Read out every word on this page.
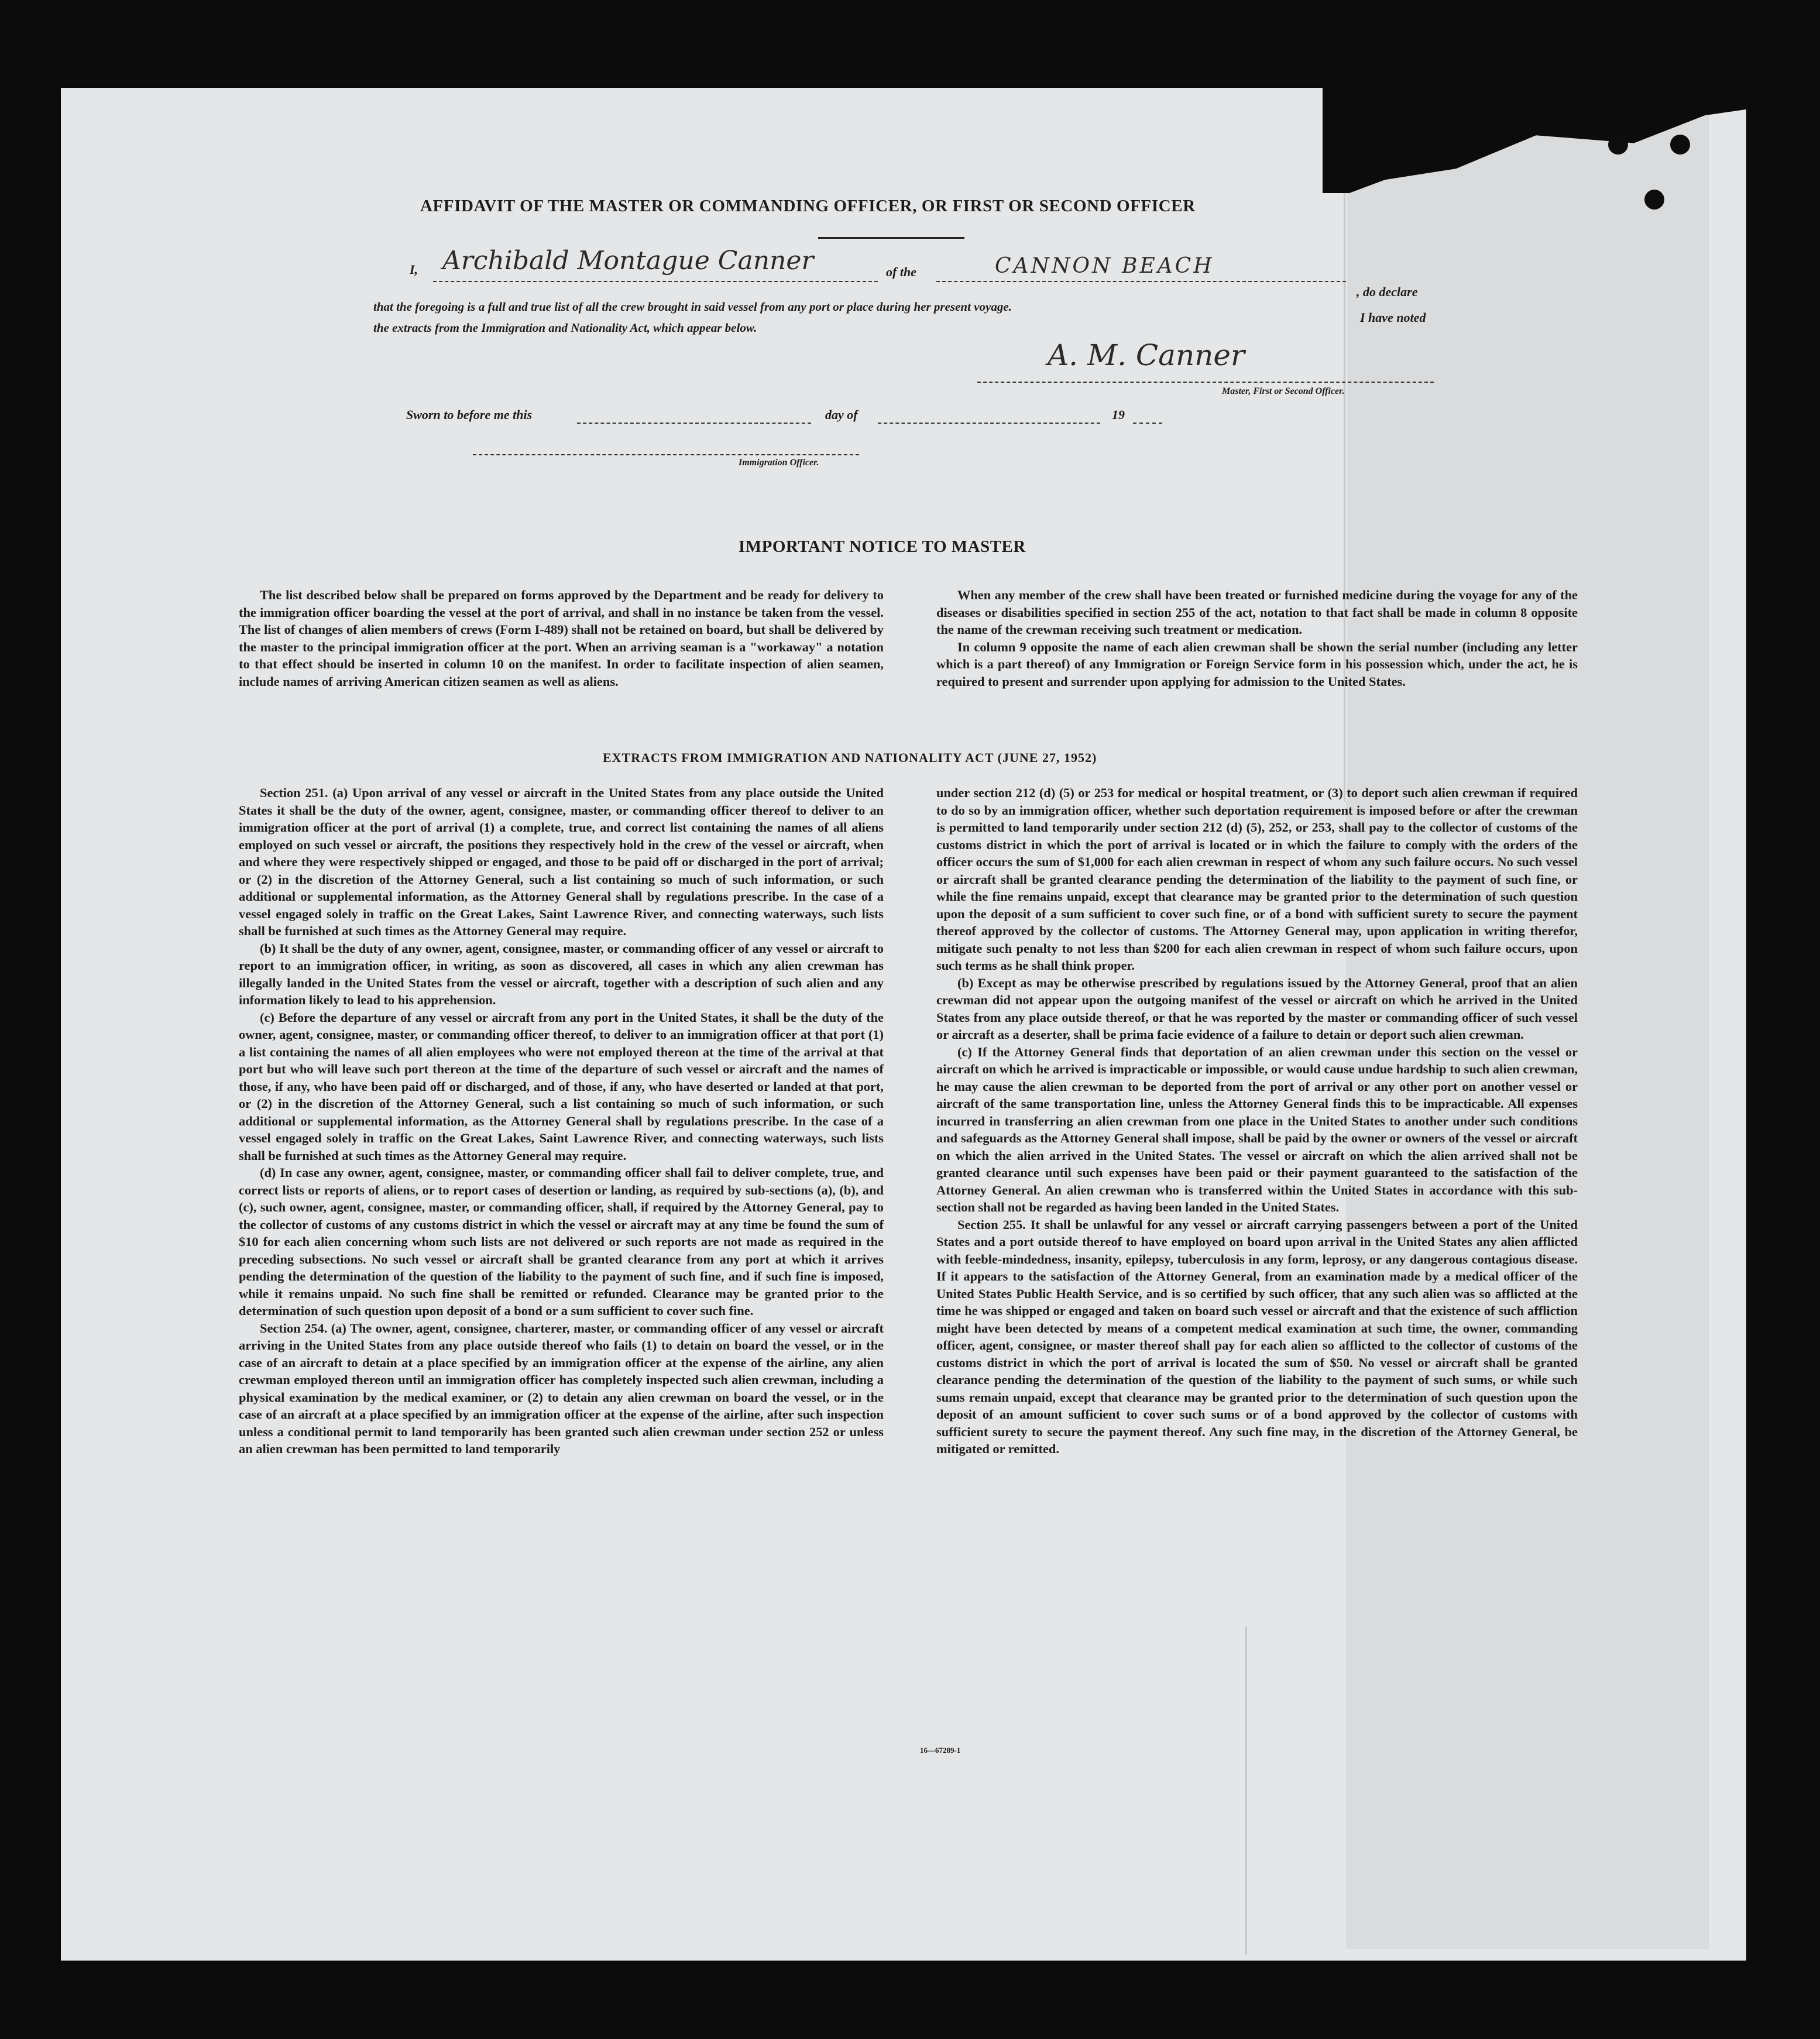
AFFIDAVIT OF THE MASTER OR COMMANDING OFFICER, OR FIRST OR SECOND OFFICER
I, Archibald Montague Canner	of the	CANNON BEACH
, do declare
that the foregoing is a full and true list of all the crew brought in said vessel from any port or place during her present voyage.
I have noted
the extracts from the Immigration and Nationality Act, which appear below.
A. M. Canner
Master, First or Second Officer.
Sworn to before me this	day of	19
Immigration Officer.
IMPORTANT NOTICE TO MASTER

The list described below shall be prepared on forms approved by the Department and be ready for delivery to the immigration officer boarding the vessel at the port of arrival, and shall in no instance be taken from the vessel. The list of changes of alien members of crews (Form I-489) shall not be retained on board, but shall be delivered by the master to the principal immigration officer at the port. When an arriving seaman is a "workaway" a notation to that effect should be inserted in column 10 on the manifest. In order to facilitate inspection of alien seamen, include names of arriving American citizen seamen as well as aliens.

When any member of the crew shall have been treated or furnished medicine during the voyage for any of the diseases or disabilities specified in section 255 of the act, notation to that fact shall be made in column 8 opposite the name of the crewman receiving such treatment or medication.

In column 9 opposite the name of each alien crewman shall be shown the serial number (including any letter which is a part thereof) of any Immigration or Foreign Service form in his possession which, under the act, he is required to present and surrender upon applying for admission to the United States.

EXTRACTS FROM IMMIGRATION AND NATIONALITY ACT (JUNE 27, 1952)

Section 251. (a) Upon arrival of any vessel or aircraft in the United States from any place outside the United States it shall be the duty of the owner, agent, consignee, master, or commanding officer thereof to deliver to an immigration officer at the port of arrival (1) a complete, true, and correct list containing the names of all aliens employed on such vessel or aircraft, the positions they respectively hold in the crew of the vessel or aircraft, when and where they were respectively shipped or engaged, and those to be paid off or discharged in the port of arrival; or (2) in the discretion of the Attorney General, such a list containing so much of such information, or such additional or supplemental information, as the Attorney General shall by regulations prescribe. In the case of a vessel engaged solely in traffic on the Great Lakes, Saint Lawrence River, and connecting waterways, such lists shall be furnished at such times as the Attorney General may require.

(b) It shall be the duty of any owner, agent, consignee, master, or commanding officer of any vessel or aircraft to report to an immigration officer, in writing, as soon as discovered, all cases in which any alien crewman has illegally landed in the United States from the vessel or aircraft, together with a description of such alien and any information likely to lead to his apprehension.

(c) Before the departure of any vessel or aircraft from any port in the United States, it shall be the duty of the owner, agent, consignee, master, or commanding officer thereof, to deliver to an immigration officer at that port (1) a list containing the names of all alien employees who were not employed thereon at the time of the arrival at that port but who will leave such port thereon at the time of the departure of such vessel or aircraft and the names of those, if any, who have been paid off or discharged, and of those, if any, who have deserted or landed at that port, or (2) in the discretion of the Attorney General, such a list containing so much of such information, or such additional or supplemental information, as the Attorney General shall by regulations prescribe. In the case of a vessel engaged solely in traffic on the Great Lakes, Saint Lawrence River, and connecting waterways, such lists shall be furnished at such times as the Attorney General may require.

(d) In case any owner, agent, consignee, master, or commanding officer shall fail to deliver complete, true, and correct lists or reports of aliens, or to report cases of desertion or landing, as required by sub-sections (a), (b), and (c), such owner, agent, consignee, master, or commanding officer, shall, if required by the Attorney General, pay to the collector of customs of any customs district in which the vessel or aircraft may at any time be found the sum of $10 for each alien concerning whom such lists are not delivered or such reports are not made as required in the preceding subsections. No such vessel or aircraft shall be granted clearance from any port at which it arrives pending the determination of the question of the liability to the payment of such fine, and if such fine is imposed, while it remains unpaid. No such fine shall be remitted or refunded. Clearance may be granted prior to the determination of such question upon deposit of a bond or a sum sufficient to cover such fine.

Section 254. (a) The owner, agent, consignee, charterer, master, or commanding officer of any vessel or aircraft arriving in the United States from any place outside thereof who fails (1) to detain on board the vessel, or in the case of an aircraft to detain at a place specified by an immigration officer at the expense of the airline, any alien crewman employed thereon until an immigration officer has completely inspected such alien crewman, including a physical examination by the medical examiner, or (2) to detain any alien crewman on board the vessel, or in the case of an aircraft at a place specified by an immigration officer at the expense of the airline, after such inspection unless a conditional permit to land temporarily has been granted such alien crewman under section 252 or unless an alien crewman has been permitted to land temporarily

under section 212 (d) (5) or 253 for medical or hospital treatment, or (3) to deport such alien crewman if required to do so by an immigration officer, whether such deportation requirement is imposed before or after the crewman is permitted to land temporarily under section 212 (d) (5), 252, or 253, shall pay to the collector of customs of the customs district in which the port of arrival is located or in which the failure to comply with the orders of the officer occurs the sum of $1,000 for each alien crewman in respect of whom any such failure occurs. No such vessel or aircraft shall be granted clearance pending the determination of the liability to the payment of such fine, or while the fine remains unpaid, except that clearance may be granted prior to the determination of such question upon the deposit of a sum sufficient to cover such fine, or of a bond with sufficient surety to secure the payment thereof approved by the collector of customs. The Attorney General may, upon application in writing therefor, mitigate such penalty to not less than $200 for each alien crewman in respect of whom such failure occurs, upon such terms as he shall think proper.

(b) Except as may be otherwise prescribed by regulations issued by the Attorney General, proof that an alien crewman did not appear upon the outgoing manifest of the vessel or aircraft on which he arrived in the United States from any place outside thereof, or that he was reported by the master or commanding officer of such vessel or aircraft as a deserter, shall be prima facie evidence of a failure to detain or deport such alien crewman.

(c) If the Attorney General finds that deportation of an alien crewman under this section on the vessel or aircraft on which he arrived is impracticable or impossible, or would cause undue hardship to such alien crewman, he may cause the alien crewman to be deported from the port of arrival or any other port on another vessel or aircraft of the same transportation line, unless the Attorney General finds this to be impracticable. All expenses incurred in transferring an alien crewman from one place in the United States to another under such conditions and safeguards as the Attorney General shall impose, shall be paid by the owner or owners of the vessel or aircraft on which the alien arrived in the United States. The vessel or aircraft on which the alien arrived shall not be granted clearance until such expenses have been paid or their payment guaranteed to the satisfaction of the Attorney General. An alien crewman who is transferred within the United States in accordance with this sub-section shall not be regarded as having been landed in the United States.

Section 255. It shall be unlawful for any vessel or aircraft carrying passengers between a port of the United States and a port outside thereof to have employed on board upon arrival in the United States any alien afflicted with feeble-mindedness, insanity, epilepsy, tuberculosis in any form, leprosy, or any dangerous contagious disease. If it appears to the satisfaction of the Attorney General, from an examination made by a medical officer of the United States Public Health Service, and is so certified by such officer, that any such alien was so afflicted at the time he was shipped or engaged and taken on board such vessel or aircraft and that the existence of such affliction might have been detected by means of a competent medical examination at such time, the owner, commanding officer, agent, consignee, or master thereof shall pay for each alien so afflicted to the collector of customs of the customs district in which the port of arrival is located the sum of $50. No vessel or aircraft shall be granted clearance pending the determination of the question of the liability to the payment of such sums, or while such sums remain unpaid, except that clearance may be granted prior to the determination of such question upon the deposit of an amount sufficient to cover such sums or of a bond approved by the collector of customs with sufficient surety to secure the payment thereof. Any such fine may, in the discretion of the Attorney General, be mitigated or remitted.

16—67289-1
